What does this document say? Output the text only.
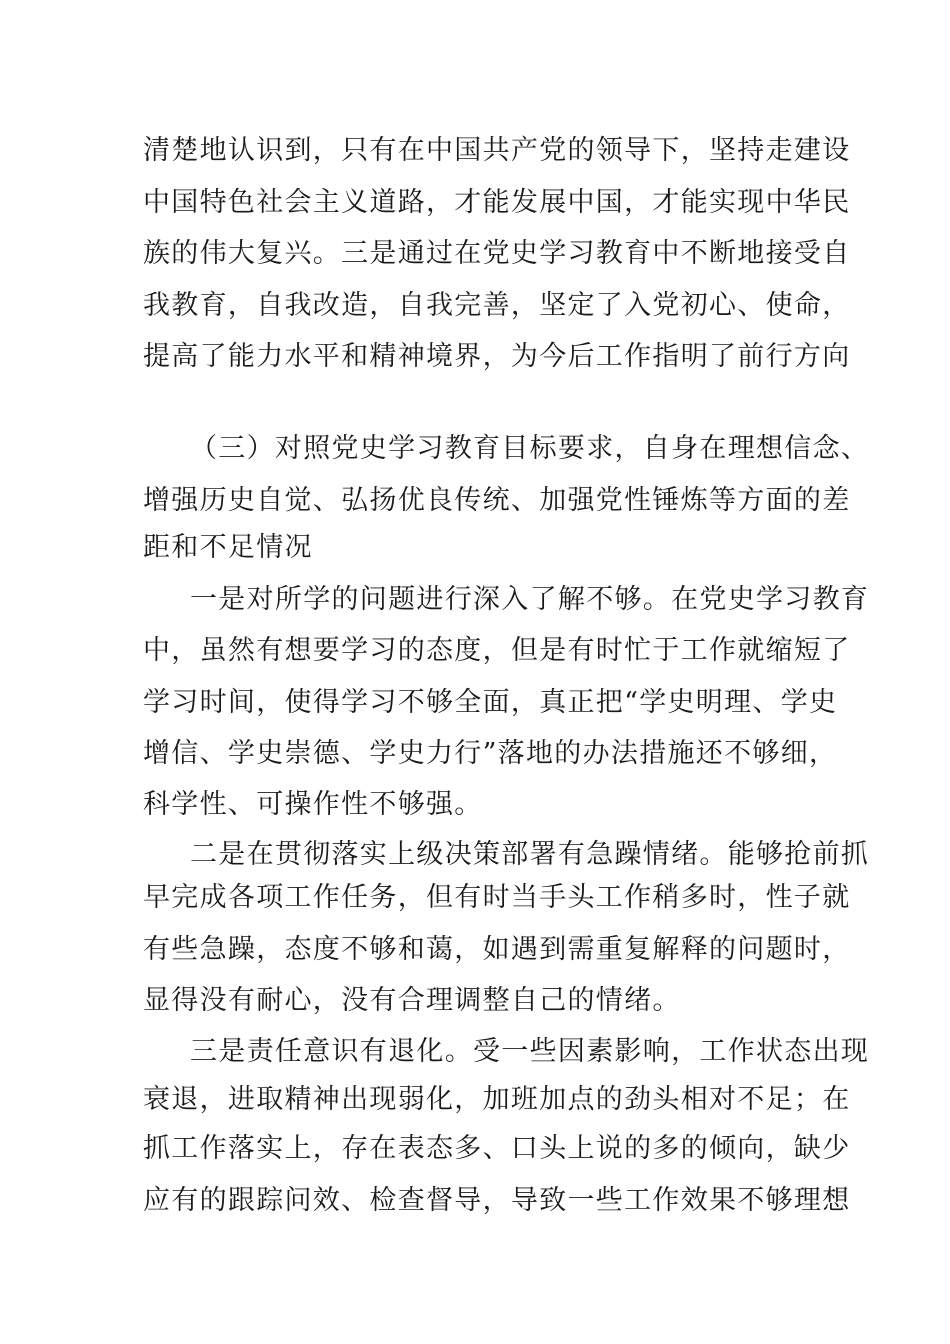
清楚地认识到，只有在中国共产党的领导下，坚持走建设
中国特色社会主义道路，才能发展中国，才能实现中华民
族的伟大复兴。三是通过在党史学习教育中不断地接受自
我教育，自我改造，自我完善，坚定了入党初心、使命，
提高了能力水平和精神境界，为今后工作指明了前行方向
（三）对照党史学习教育目标要求，自身在理想信念、
增强历史自觉、弘扬优良传统、加强党性锤炼等方面的差
距和不足情况
一是对所学的问题进行深入了解不够。在党史学习教育
中，虽然有想要学习的态度，但是有时忙于工作就缩短了
学习时间，使得学习不够全面，真正把“学史明理、学史
增信、学史崇德、学史力行”落地的办法措施还不够细，
科学性、可操作性不够强。
二是在贯彻落实上级决策部署有急躁情绪。能够抢前抓
早完成各项工作任务，但有时当手头工作稍多时，性子就
有些急躁，态度不够和蔼，如遇到需重复解释的问题时，
显得没有耐心，没有合理调整自己的情绪。
三是责任意识有退化。受一些因素影响，工作状态出现
衰退，进取精神出现弱化，加班加点的劲头相对不足；在
抓工作落实上，存在表态多、口头上说的多的倾向，缺少
应有的跟踪问效、检查督导，导致一些工作效果不够理想
